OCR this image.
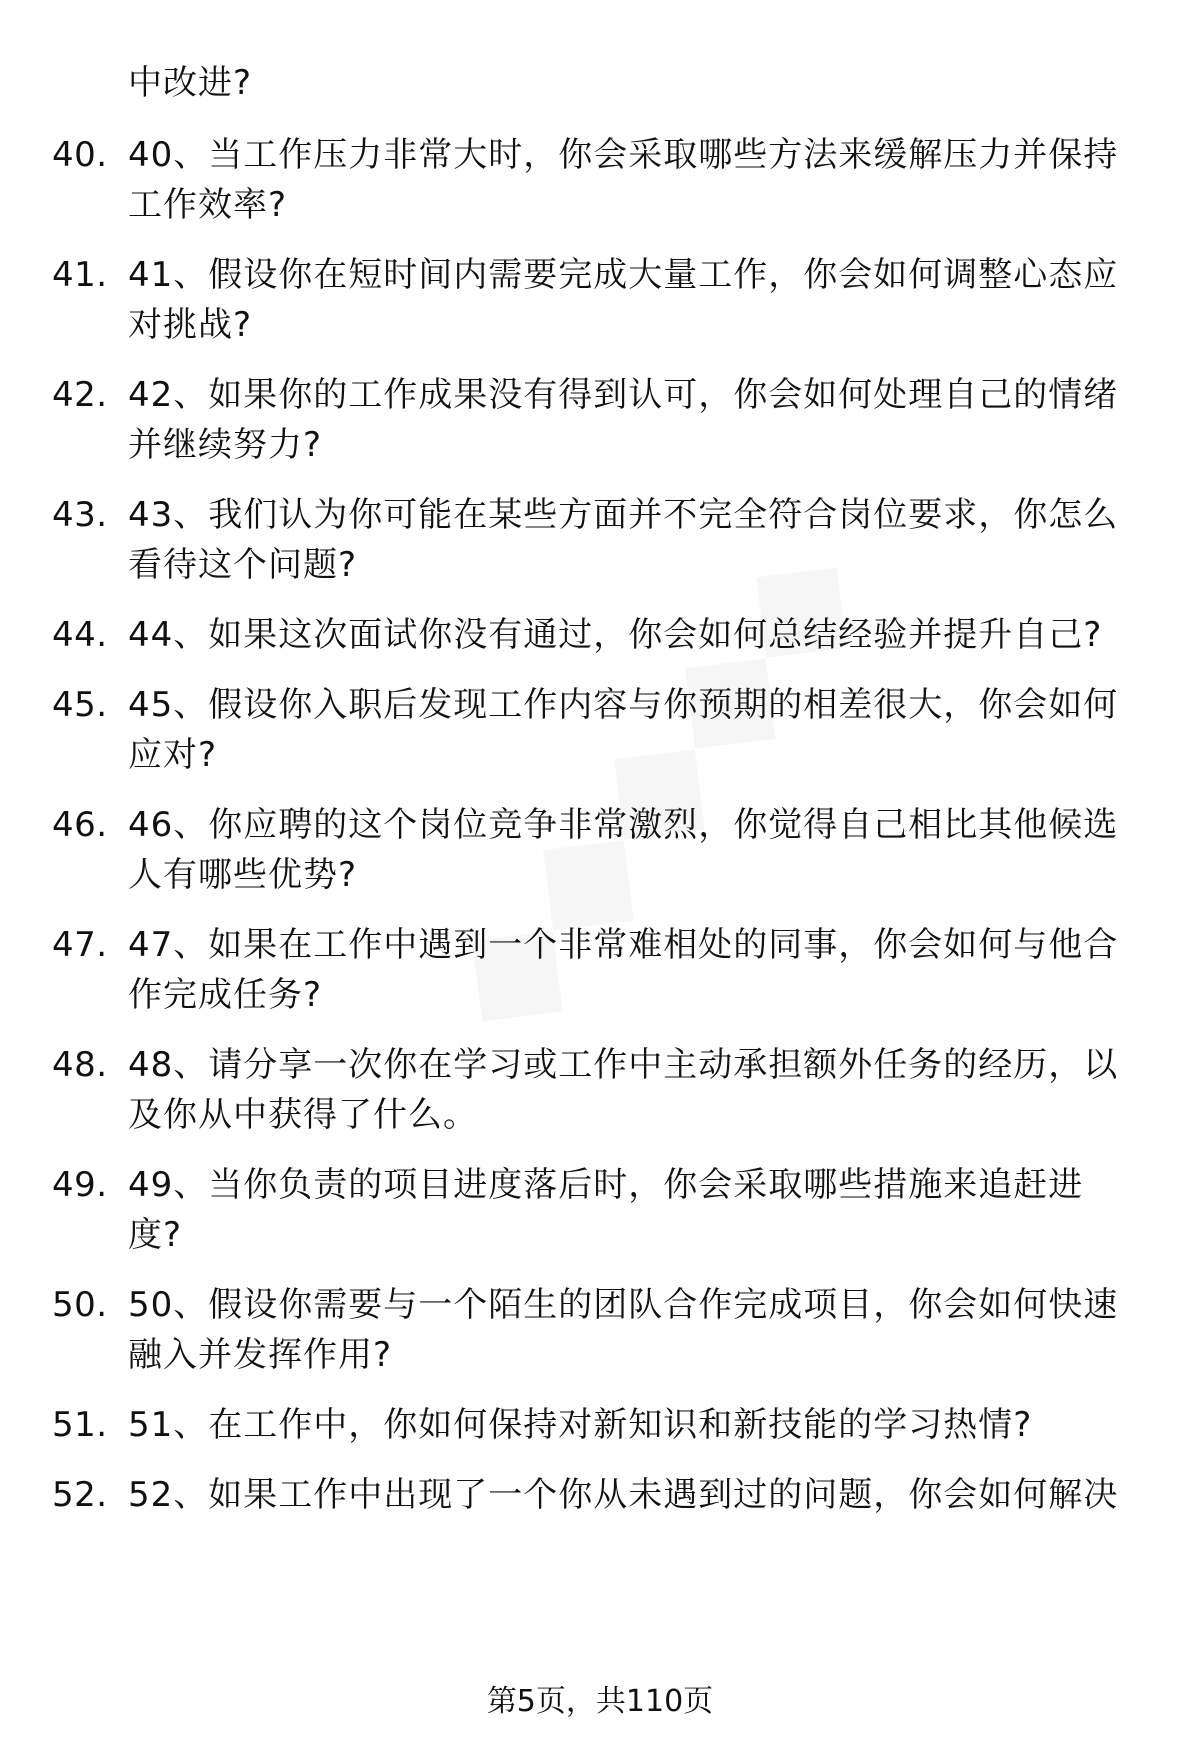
中改进?
40. 40、当工作压力非常大时，你会采取哪些方法来缓解压力并保持
工作效率?
41. 41、假设你在短时间内需要完成大量工作，你会如何调整心态应
对挑战?
42. 42、如果你的工作成果没有得到认可，你会如何处理自己的情绪
并继续努力?
43. 43、我们认为你可能在某些方面并不完全符合岗位要求，你怎么
看待这个问题?
44. 44、如果这次面试你没有通过，你会如何总结经验并提升自己?
45. 45、假设你入职后发现工作内容与你预期的相差很大，你会如何
应对?
46. 46、你应聘的这个岗位竞争非常激烈，你觉得自己相比其他候选
人有哪些优势?
47. 47、如果在工作中遇到一个非常难相处的同事，你会如何与他合
作完成任务?
48. 48、请分享一次你在学习或工作中主动承担额外任务的经历，以
及你从中获得了什么。
49. 49、当你负责的项目进度落后时，你会采取哪些措施来追赶进
度?
50. 50、假设你需要与一个陌生的团队合作完成项目，你会如何快速
融入并发挥作用?
51. 51、在工作中，你如何保持对新知识和新技能的学习热情?
52. 52、如果工作中出现了一个你从未遇到过的问题，你会如何解决
第5页，共110页
